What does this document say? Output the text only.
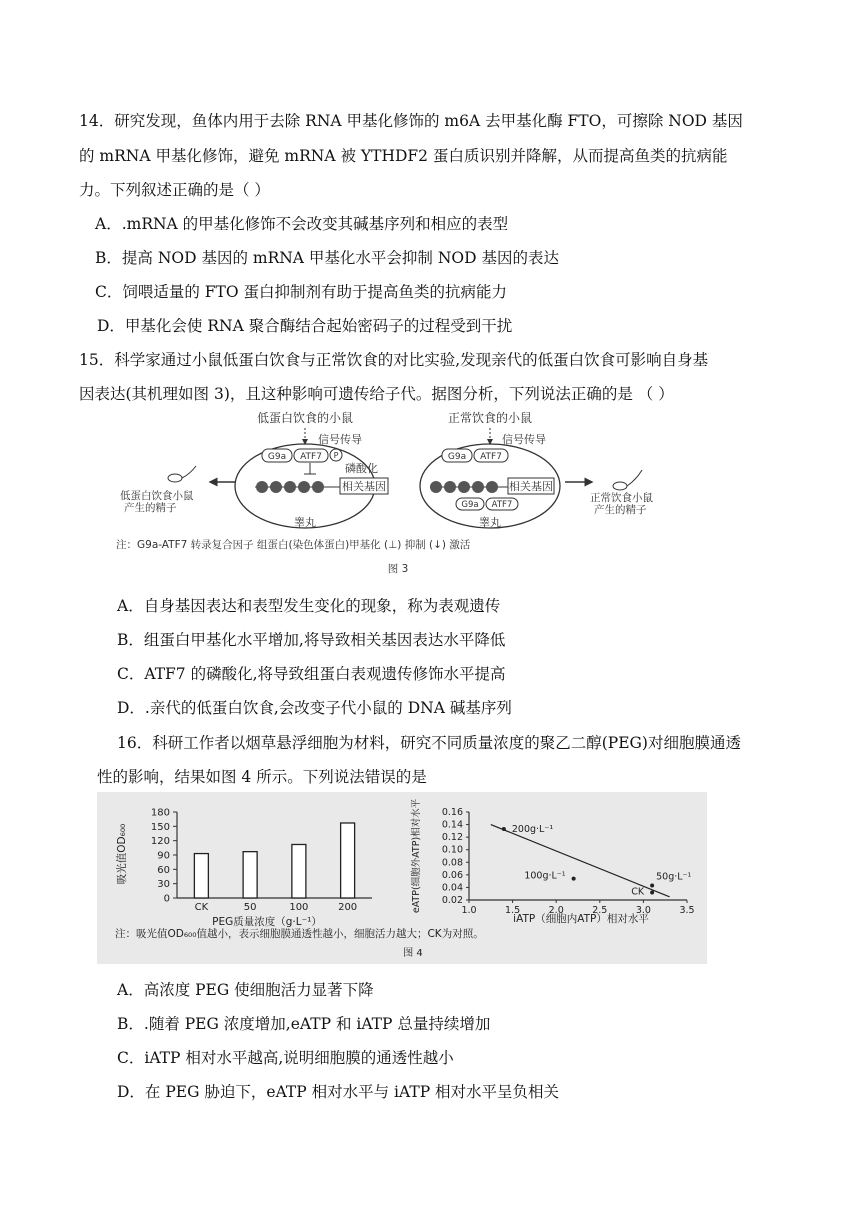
14．研究发现，鱼体内用于去除 RNA 甲基化修饰的 m6A 去甲基化酶 FTO，可擦除 NOD 基因
的 mRNA 甲基化修饰，避免 mRNA 被 YTHDF2 蛋白质识别并降解，从而提高鱼类的抗病能
力。下列叙述正确的是（ ）
A．.mRNA 的甲基化修饰不会改变其碱基序列和相应的表型
B．提高 NOD 基因的 mRNA 甲基化水平会抑制 NOD 基因的表达
C．饲喂适量的 FTO 蛋白抑制剂有助于提高鱼类的抗病能力
D．甲基化会使 RNA 聚合酶结合起始密码子的过程受到干扰
15．科学家通过小鼠低蛋白饮食与正常饮食的对比实验,发现亲代的低蛋白饮食可影响自身基
因表达(其机理如图 3)，且这种影响可遗传给子代。据图分析，下列说法正确的是 （ ）
低蛋白饮食的小鼠
信号传导
G9a ATF7 P
磷酸化
相关基因
睾丸
低蛋白饮食小鼠产生的精子
正常饮食的小鼠
信号传导
G9a ATF7
相关基因
G9a ATF7
睾丸
正常饮食小鼠产生的精子
注：G9a-ATF7 转录复合因子 组蛋白(染色体蛋白)甲基化 (⊥) 抑制 (↓) 激活
图 3
A．自身基因表达和表型发生变化的现象，称为表观遗传
B．组蛋白甲基化水平增加,将导致相关基因表达水平降低
C．ATF7 的磷酸化,将导致组蛋白表观遗传修饰水平提高
D．.亲代的低蛋白饮食,会改变子代小鼠的 DNA 碱基序列
16．科研工作者以烟草悬浮细胞为材料，研究不同质量浓度的聚乙二醇(PEG)对细胞膜通透
性的影响，结果如图 4 所示。下列说法错误的是
吸光值OD₆₀₀
PEG质量浓度（g·L⁻¹）
0
30
60
90
120
150
180
CK	50	100	200	eATP(细胞外ATP)相对水平
iATP（细胞内ATP）相对水平
0.02
0.04
0.06
0.08
0.10
0.12
0.14
0.16
1.0	1.5	2.0	2.5	3.0	3.5
200g·L⁻¹
100g·L⁻¹	50g·L⁻¹
CK
注：吸光值OD₆₀₀值越小，表示细胞膜通透性越小，细胞活力越大；CK为对照。
图 4
A．高浓度 PEG 使细胞活力显著下降
B．.随着 PEG 浓度增加,eATP 和 iATP 总量持续增加
C．iATP 相对水平越高,说明细胞膜的通透性越小
D．在 PEG 胁迫下，eATP 相对水平与 iATP 相对水平呈负相关
